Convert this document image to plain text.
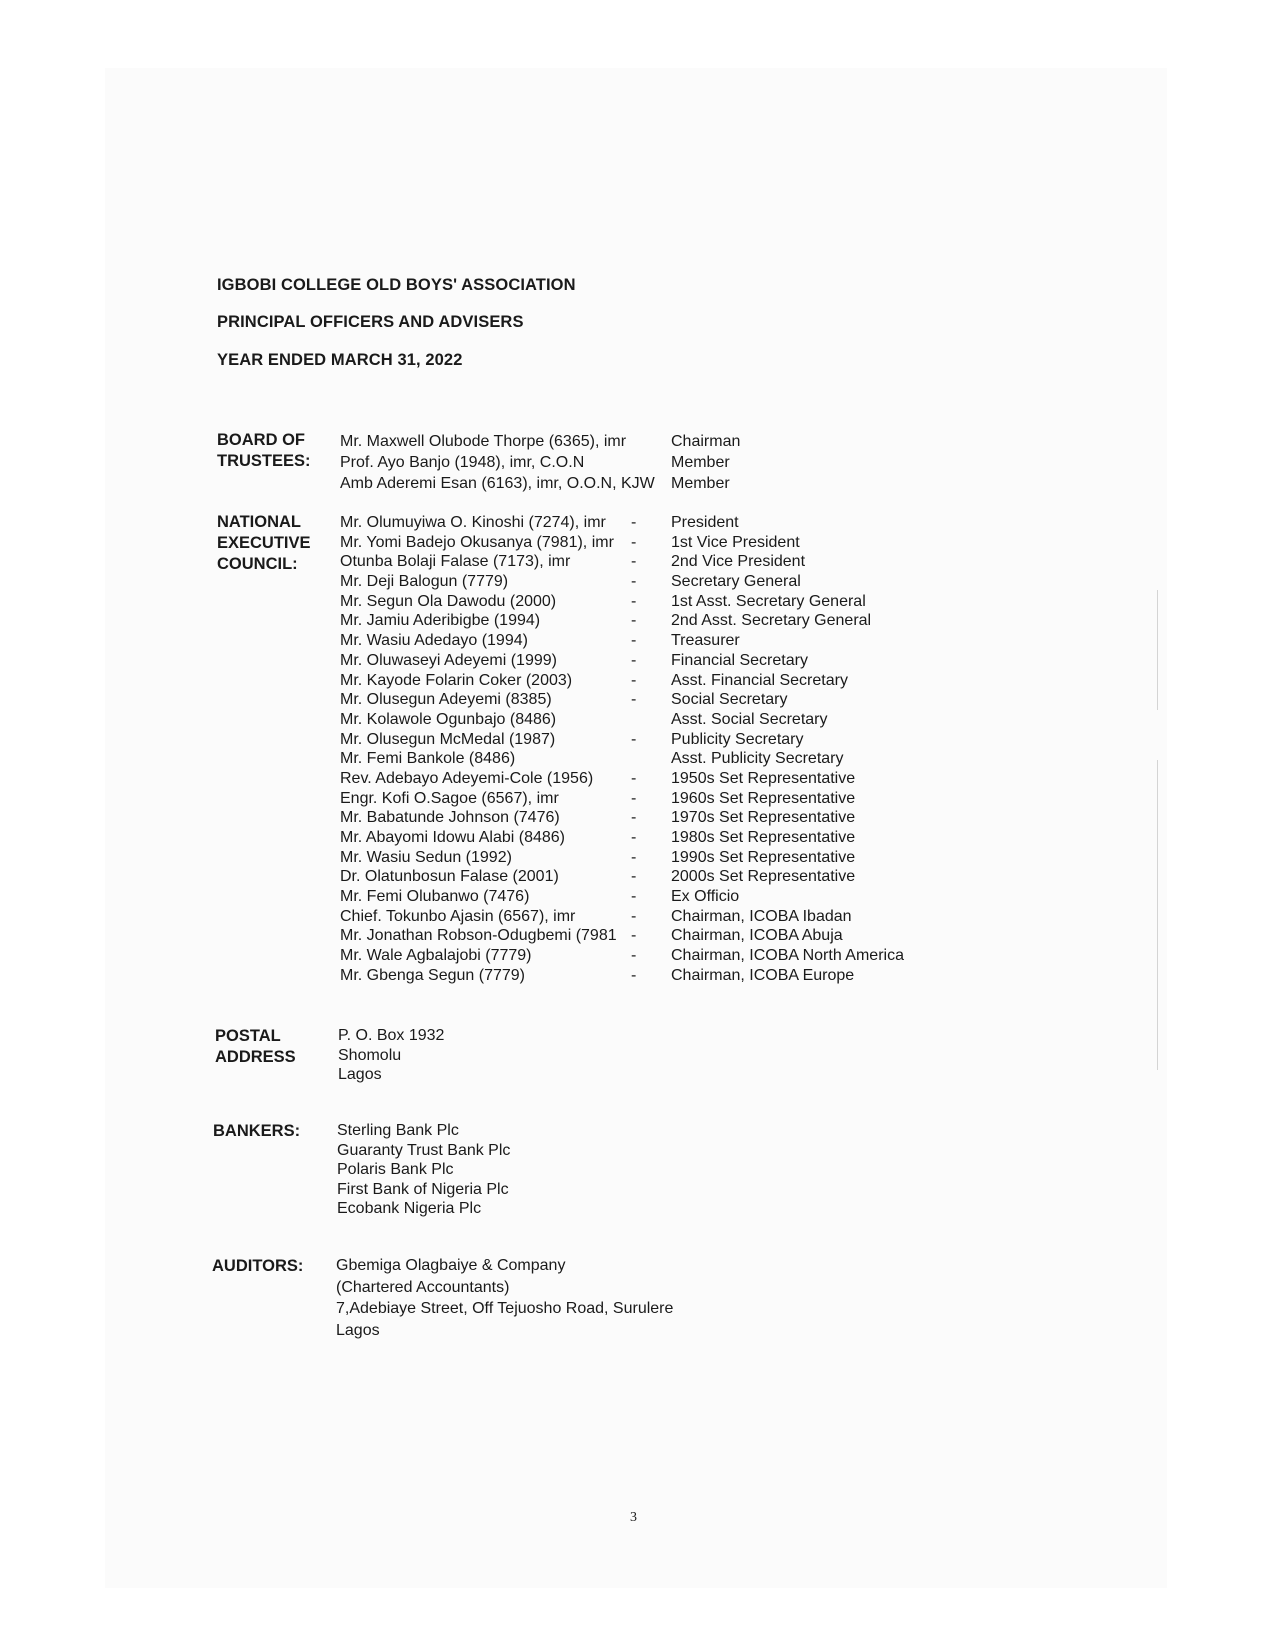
IGBOBI COLLEGE OLD BOYS' ASSOCIATION
PRINCIPAL OFFICERS AND ADVISERS
YEAR ENDED MARCH 31, 2022
BOARD OF
TRUSTEES:
Mr. Maxwell Olubode Thorpe (6365), imr	Chairman
Prof. Ayo Banjo (1948), imr, C.O.N	Member
Amb Aderemi Esan (6163), imr, O.O.N, KJW Member
NATIONAL
EXECUTIVE
COUNCIL:
Mr. Olumuyiwa O. Kinoshi (7274), imr - President
Mr. Yomi Badejo Okusanya (7981), imr - 1st Vice President
Otunba Bolaji Falase (7173), imr	- 2nd Vice President
Mr. Deji Balogun (7779)	- Secretary General
Mr. Segun Ola Dawodu (2000)	- 1st Asst. Secretary General
Mr. Jamiu Aderibigbe (1994)	- 2nd Asst. Secretary General
Mr. Wasiu Adedayo (1994)	- Treasurer
Mr. Oluwaseyi Adeyemi (1999)	- Financial Secretary
Mr. Kayode Folarin Coker (2003)	- Asst. Financial Secretary
Mr. Olusegun Adeyemi (8385)	- Social Secretary
Mr. Kolawole Ogunbajo (8486)	Asst. Social Secretary
Mr. Olusegun McMedal (1987)	- Publicity Secretary
Mr. Femi Bankole (8486)	Asst. Publicity Secretary
Rev. Adebayo Adeyemi-Cole (1956) - 1950s Set Representative
Engr. Kofi O.Sagoe (6567), imr	- 1960s Set Representative
Mr. Babatunde Johnson (7476)	- 1970s Set Representative
Mr. Abayomi Idowu Alabi (8486)	- 1980s Set Representative
Mr. Wasiu Sedun (1992)	- 1990s Set Representative
Dr. Olatunbosun Falase (2001)	- 2000s Set Representative
Mr. Femi Olubanwo (7476)	- Ex Officio
Chief. Tokunbo Ajasin (6567), imr	- Chairman, ICOBA Ibadan
Mr. Jonathan Robson-Odugbemi (7981 - Chairman, ICOBA Abuja
Mr. Wale Agbalajobi (7779)	- Chairman, ICOBA North America
Mr. Gbenga Segun (7779)	- Chairman, ICOBA Europe
POSTAL
ADDRESS
P. O. Box 1932
Shomolu
Lagos
BANKERS: Sterling Bank Plc
Guaranty Trust Bank Plc
Polaris Bank Plc
First Bank of Nigeria Plc
Ecobank Nigeria Plc
AUDITORS: Gbemiga Olagbaiye & Company
(Chartered Accountants)
7,Adebiaye Street, Off Tejuosho Road, Surulere
Lagos
3
